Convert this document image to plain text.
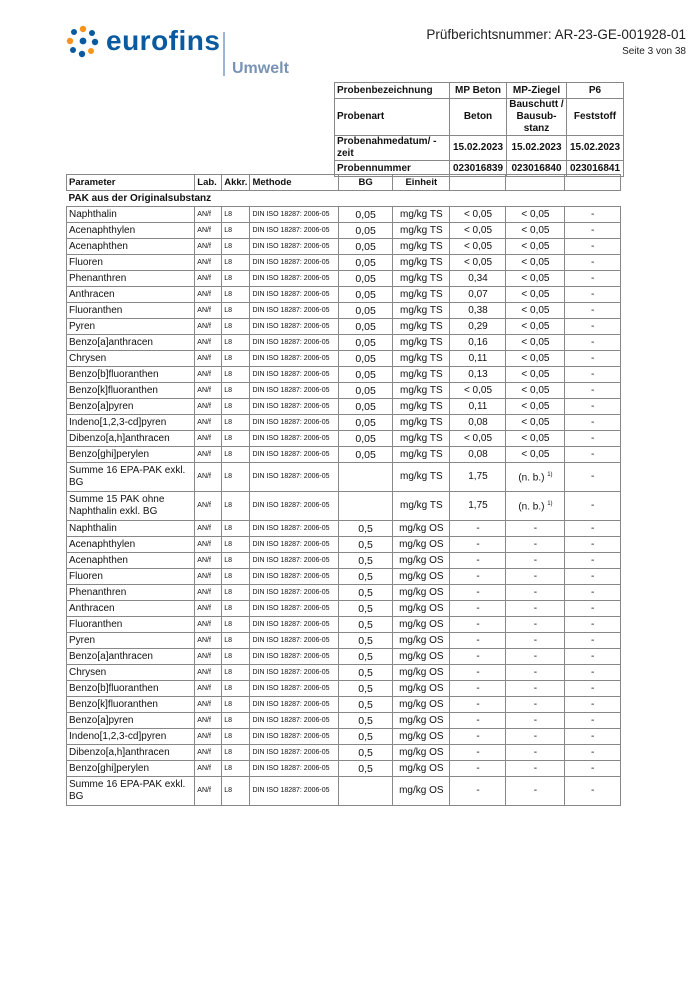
eurofins
Umwelt
Prüfberichtsnummer: AR-23-GE-001928-01
Seite 3 von 38
Probenbezeichnung	MP Beton	MP-Ziegel	P6
Probenart	Beton	Bauschutt / Bausub-stanz	Feststoff
Probenahmedatum/ -zeit	15.02.2023	15.02.2023	15.02.2023
Probennummer	023016839	023016840	023016841
Parameter	Lab.	Akkr.	Methode	BG	Einheit			
PAK aus der Originalsubstanz								
Naphthalin	AN/f	L8	DIN ISO 18287: 2006-05	0,05	mg/kg TS	< 0,05	< 0,05	-
Acenaphthylen	AN/f	L8	DIN ISO 18287: 2006-05	0,05	mg/kg TS	< 0,05	< 0,05	-
Acenaphthen	AN/f	L8	DIN ISO 18287: 2006-05	0,05	mg/kg TS	< 0,05	< 0,05	-
Fluoren	AN/f	L8	DIN ISO 18287: 2006-05	0,05	mg/kg TS	< 0,05	< 0,05	-
Phenanthren	AN/f	L8	DIN ISO 18287: 2006-05	0,05	mg/kg TS	0,34	< 0,05	-
Anthracen	AN/f	L8	DIN ISO 18287: 2006-05	0,05	mg/kg TS	0,07	< 0,05	-
Fluoranthen	AN/f	L8	DIN ISO 18287: 2006-05	0,05	mg/kg TS	0,38	< 0,05	-
Pyren	AN/f	L8	DIN ISO 18287: 2006-05	0,05	mg/kg TS	0,29	< 0,05	-
Benzo[a]anthracen	AN/f	L8	DIN ISO 18287: 2006-05	0,05	mg/kg TS	0,16	< 0,05	-
Chrysen	AN/f	L8	DIN ISO 18287: 2006-05	0,05	mg/kg TS	0,11	< 0,05	-
Benzo[b]fluoranthen	AN/f	L8	DIN ISO 18287: 2006-05	0,05	mg/kg TS	0,13	< 0,05	-
Benzo[k]fluoranthen	AN/f	L8	DIN ISO 18287: 2006-05	0,05	mg/kg TS	< 0,05	< 0,05	-
Benzo[a]pyren	AN/f	L8	DIN ISO 18287: 2006-05	0,05	mg/kg TS	0,11	< 0,05	-
Indeno[1,2,3-cd]pyren	AN/f	L8	DIN ISO 18287: 2006-05	0,05	mg/kg TS	0,08	< 0,05	-
Dibenzo[a,h]anthracen	AN/f	L8	DIN ISO 18287: 2006-05	0,05	mg/kg TS	< 0,05	< 0,05	-
Benzo[ghi]perylen	AN/f	L8	DIN ISO 18287: 2006-05	0,05	mg/kg TS	0,08	< 0,05	-
Summe 16 EPA-PAK exkl. BG	AN/f	L8	DIN ISO 18287: 2006-05		mg/kg TS	1,75	(n. b.) $^{1)}$	-
Summe 15 PAK ohne Naphthalin exkl. BG	AN/f	L8	DIN ISO 18287: 2006-05		mg/kg TS	1,75	(n. b.) $^{1)}$	-
Naphthalin	AN/f	L8	DIN ISO 18287: 2006-05	0,5	mg/kg OS	-	-	-
Acenaphthylen	AN/f	L8	DIN ISO 18287: 2006-05	0,5	mg/kg OS	-	-	-
Acenaphthen	AN/f	L8	DIN ISO 18287: 2006-05	0,5	mg/kg OS	-	-	-
Fluoren	AN/f	L8	DIN ISO 18287: 2006-05	0,5	mg/kg OS	-	-	-
Phenanthren	AN/f	L8	DIN ISO 18287: 2006-05	0,5	mg/kg OS	-	-	-
Anthracen	AN/f	L8	DIN ISO 18287: 2006-05	0,5	mg/kg OS	-	-	-
Fluoranthen	AN/f	L8	DIN ISO 18287: 2006-05	0,5	mg/kg OS	-	-	-
Pyren	AN/f	L8	DIN ISO 18287: 2006-05	0,5	mg/kg OS	-	-	-
Benzo[a]anthracen	AN/f	L8	DIN ISO 18287: 2006-05	0,5	mg/kg OS	-	-	-
Chrysen	AN/f	L8	DIN ISO 18287: 2006-05	0,5	mg/kg OS	-	-	-
Benzo[b]fluoranthen	AN/f	L8	DIN ISO 18287: 2006-05	0,5	mg/kg OS	-	-	-
Benzo[k]fluoranthen	AN/f	L8	DIN ISO 18287: 2006-05	0,5	mg/kg OS	-	-	-
Benzo[a]pyren	AN/f	L8	DIN ISO 18287: 2006-05	0,5	mg/kg OS	-	-	-
Indeno[1,2,3-cd]pyren	AN/f	L8	DIN ISO 18287: 2006-05	0,5	mg/kg OS	-	-	-
Dibenzo[a,h]anthracen	AN/f	L8	DIN ISO 18287: 2006-05	0,5	mg/kg OS	-	-	-
Benzo[ghi]perylen	AN/f	L8	DIN ISO 18287: 2006-05	0,5	mg/kg OS	-	-	-
Summe 16 EPA-PAK exkl. BG	AN/f	L8	DIN ISO 18287: 2006-05		mg/kg OS	-	-	-
